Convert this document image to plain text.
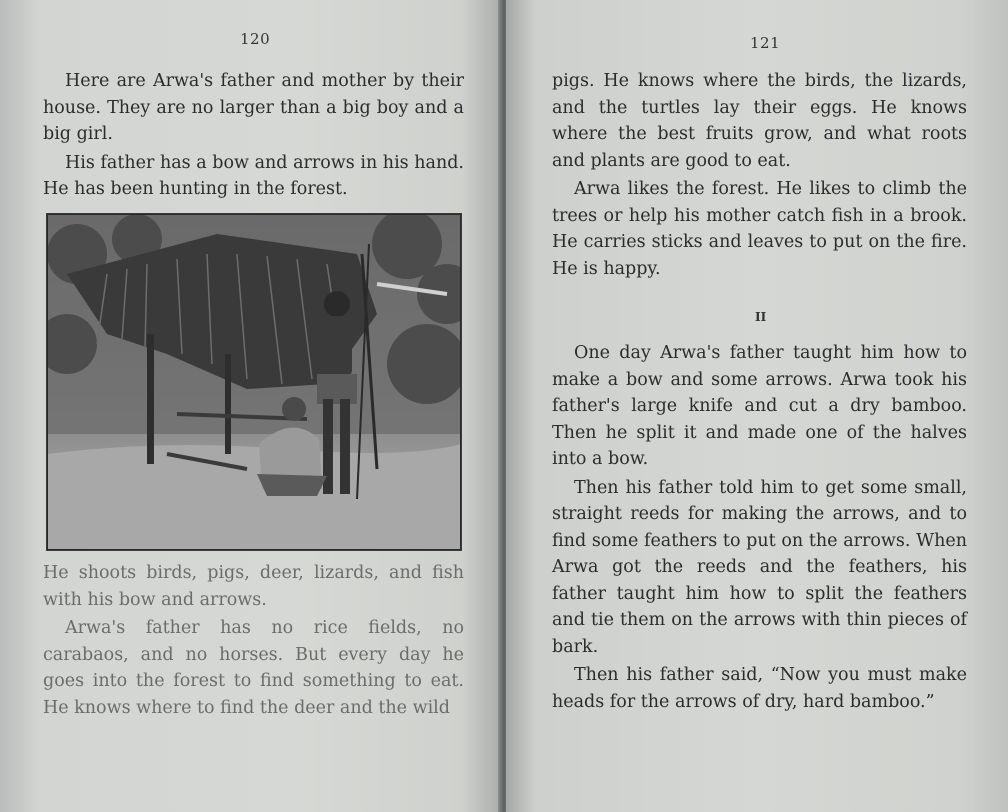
120

Here are Arwa's father and mother by their house. They are no larger than a big boy and a big girl.

His father has a bow and arrows in his hand. He has been hunting in the forest.

He shoots birds, pigs, deer, lizards, and fish with his bow and arrows.

Arwa's father has no rice fields, no carabaos, and no horses. But every day he goes into the forest to find something to eat. He knows where to find the deer and the wild

121

pigs. He knows where the birds, the lizards, and the turtles lay their eggs. He knows where the best fruits grow, and what roots and plants are good to eat.

Arwa likes the forest. He likes to climb the trees or help his mother catch fish in a brook. He carries sticks and leaves to put on the fire. He is happy.

II

One day Arwa's father taught him how to make a bow and some arrows. Arwa took his father's large knife and cut a dry bamboo. Then he split it and made one of the halves into a bow.

Then his father told him to get some small, straight reeds for making the arrows, and to find some feathers to put on the arrows. When Arwa got the reeds and the feathers, his father taught him how to split the feathers and tie them on the arrows with thin pieces of bark.

Then his father said, “Now you must make heads for the arrows of dry, hard bamboo.”
